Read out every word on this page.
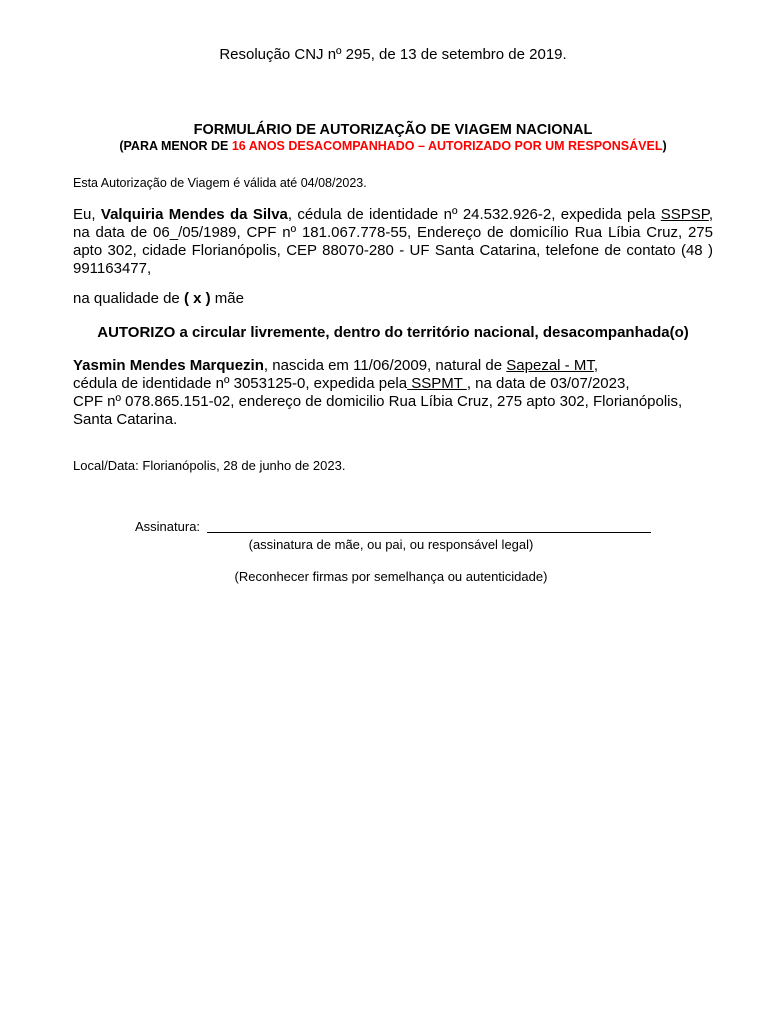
Resolução CNJ nº 295, de 13 de setembro de 2019.
FORMULÁRIO DE AUTORIZAÇÃO DE VIAGEM NACIONAL
(PARA MENOR DE 16 ANOS DESACOMPANHADO – AUTORIZADO POR UM RESPONSÁVEL)
Esta Autorização de Viagem é válida até 04/08/2023.
Eu, Valquiria Mendes da Silva, cédula de identidade nº 24.532.926-2, expedida pela SSPSP, na data de 06_/05/1989, CPF nº 181.067.778-55, Endereço de domicílio Rua Líbia Cruz, 275 apto 302, cidade Florianópolis, CEP 88070-280 - UF Santa Catarina, telefone de contato (48 ) 991163477,
na qualidade de ( x ) mãe
AUTORIZO a circular livremente, dentro do território nacional, desacompanhada(o)
Yasmin Mendes Marquezin, nascida em 11/06/2009, natural de Sapezal - MT,
cédula de identidade nº 3053125-0, expedida pela SSPMT , na data de 03/07/2023,
CPF nº 078.865.151-02, endereço de domicilio Rua Líbia Cruz, 275 apto 302, Florianópolis, Santa Catarina.
Local/Data: Florianópolis, 28 de junho de 2023.
Assinatura:
(assinatura de mãe, ou pai, ou responsável legal)
(Reconhecer firmas por semelhança ou autenticidade)
